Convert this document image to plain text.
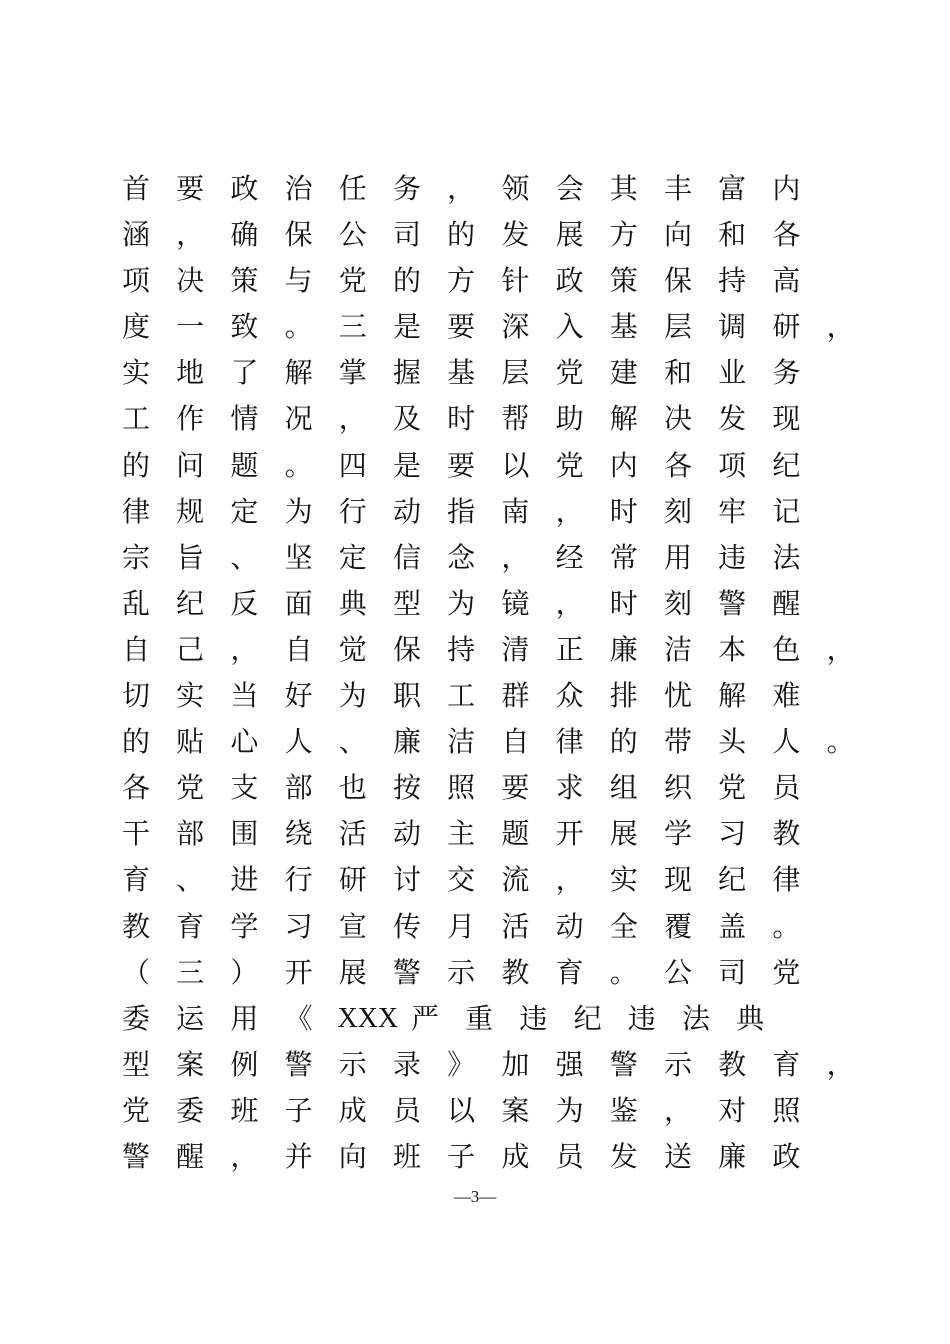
首 要 政 治 任 务 ， 领 会 其 丰 富 内
涵 ， 确 保 公 司 的 发 展 方 向 和 各
项 决 策 与 党 的 方 针 政 策 保 持 高
度 一 致 。 三 是 要 深 入 基 层 调 研 ，
实 地 了 解 掌 握 基 层 党 建 和 业 务
工 作 情 况 ， 及 时 帮 助 解 决 发 现
的 问 题 。 四 是 要 以 党 内 各 项 纪
律 规 定 为 行 动 指 南 ， 时 刻 牢 记
宗 旨 、 坚 定 信 念 ， 经 常 用 违 法
乱 纪 反 面 典 型 为 镜 ， 时 刻 警 醒
自 己 ， 自 觉 保 持 清 正 廉 洁 本 色 ，
切 实 当 好 为 职 工 群 众 排 忧 解 难
的 贴 心 人 、 廉 洁 自 律 的 带 头 人 。
各 党 支 部 也 按 照 要 求 组 织 党 员
干 部 围 绕 活 动 主 题 开 展 学 习 教
育 、 进 行 研 讨 交 流 ， 实 现 纪 律
教 育 学 习 宣 传 月 活 动 全 覆 盖 。
（ 三 ） 开 展 警 示 教 育 。 公 司 党
委 运 用 《 XXX 严 重 违 纪 违 法 典
型 案 例 警 示 录 》 加 强 警 示 教 育 ，
党 委 班 子 成 员 以 案 为 鉴 ， 对 照
警 醒 ， 并 向 班 子 成 员 发 送 廉 政
—3—
